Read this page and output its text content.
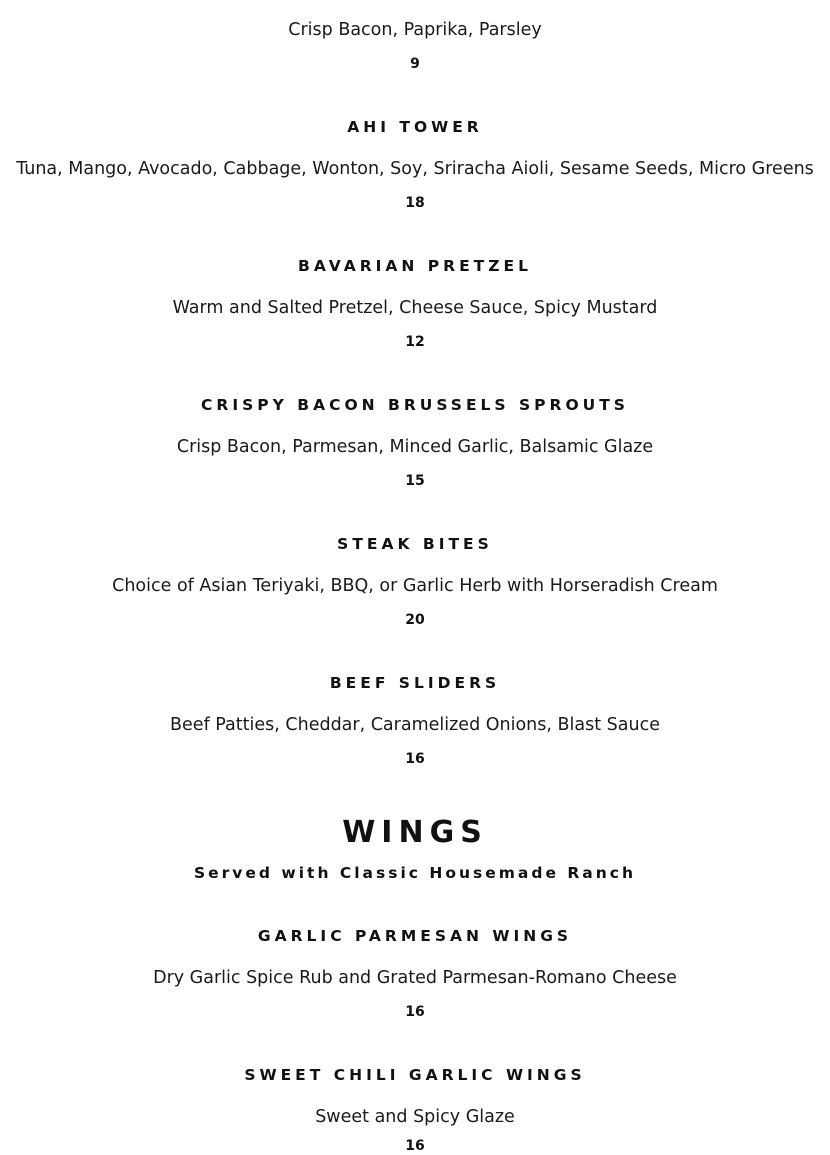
Crisp Bacon, Paprika, Parsley
9
AHI TOWER
Tuna, Mango, Avocado, Cabbage, Wonton, Soy, Sriracha Aioli, Sesame Seeds, Micro Greens
18
BAVARIAN PRETZEL
Warm and Salted Pretzel, Cheese Sauce, Spicy Mustard
12
CRISPY BACON BRUSSELS SPROUTS
Crisp Bacon, Parmesan, Minced Garlic, Balsamic Glaze
15
STEAK BITES
Choice of Asian Teriyaki, BBQ, or Garlic Herb with Horseradish Cream
20
BEEF SLIDERS
Beef Patties, Cheddar, Caramelized Onions, Blast Sauce
16
WINGS
Served with Classic Housemade Ranch
GARLIC PARMESAN WINGS
Dry Garlic Spice Rub and Grated Parmesan-Romano Cheese
16
SWEET CHILI GARLIC WINGS
Sweet and Spicy Glaze
16
